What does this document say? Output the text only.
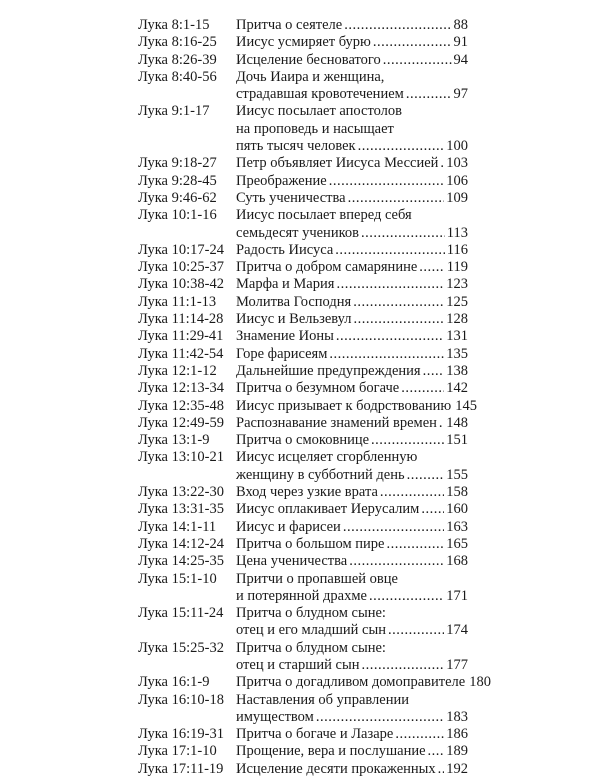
Лука 8:1-15	Притча о сеятеле .....	88
Лука 8:16-25	Иисус усмиряет бурю .....	91
Лука 8:26-39	Исцеление бесноватого .....	94
Лука 8:40-56	Дочь Иаира и женщина,
страдавшая кровотечением .....	97
Лука 9:1-17	Иисус посылает апостолов
на проповедь и насыщает
пять тысяч человек .....	100
Лука 9:18-27	Петр объявляет Иисуса Мессией ..... 103
Лука 9:28-45	Преображение .....	106
Лука 9:46-62	Суть ученичества .....	109
Лука 10:1-16	Иисус посылает вперед себя
семьдесят учеников .....	113
Лука 10:17-24 Радость Иисуса .....	116
Лука 10:25-37 Притча о добром самарянине ..... 119
Лука 10:38-42 Марфа и Мария .....	123
Лука 11:1-13	Молитва Господня .....	125
Лука 11:14-28 Иисус и Вельзевул .....	128
Лука 11:29-41 Знамение Ионы .....	131
Лука 11:42-54 Горе фарисеям .....	135
Лука 12:1-12	Дальнейшие предупреждения ..... 138
Лука 12:13-34 Притча о безумном богаче .....	142
Лука 12:35-48 Иисус призывает к бодрствованию 145
Лука 12:49-59 Распознавание знамений времен ..... 148
Лука 13:1-9	Притча о смоковнице .....	151
Лука 13:10-21 Иисус исцеляет сгорбленную
женщину в субботний день .....	155
Лука 13:22-30 Вход через узкие врата .....	158
Лука 13:31-35 Иисус оплакивает Иерусалим ..... 160
Лука 14:1-11	Иисус и фарисеи .....	163
Лука 14:12-24 Притча о большом пире .....	165
Лука 14:25-35 Цена ученичества .....	168
Лука 15:1-10	Притчи о пропавшей овце
и потерянной драхме .....	171
Лука 15:11-24 Притча о блудном сыне:
отец и его младший сын .....	174
Лука 15:25-32 Притча о блудном сыне:
отец и старший сын .....	177
Лука 16:1-9	Притча о догадливом домоправителе 180
Лука 16:10-18 Наставления об управлении
имуществом .....	183
Лука 16:19-31 Притча о богаче и Лазаре .....	186
Лука 17:1-10	Прощение, вера и послушание ..... 189
Лука 17:11-19 Исцеление десяти прокаженных ..... 192
